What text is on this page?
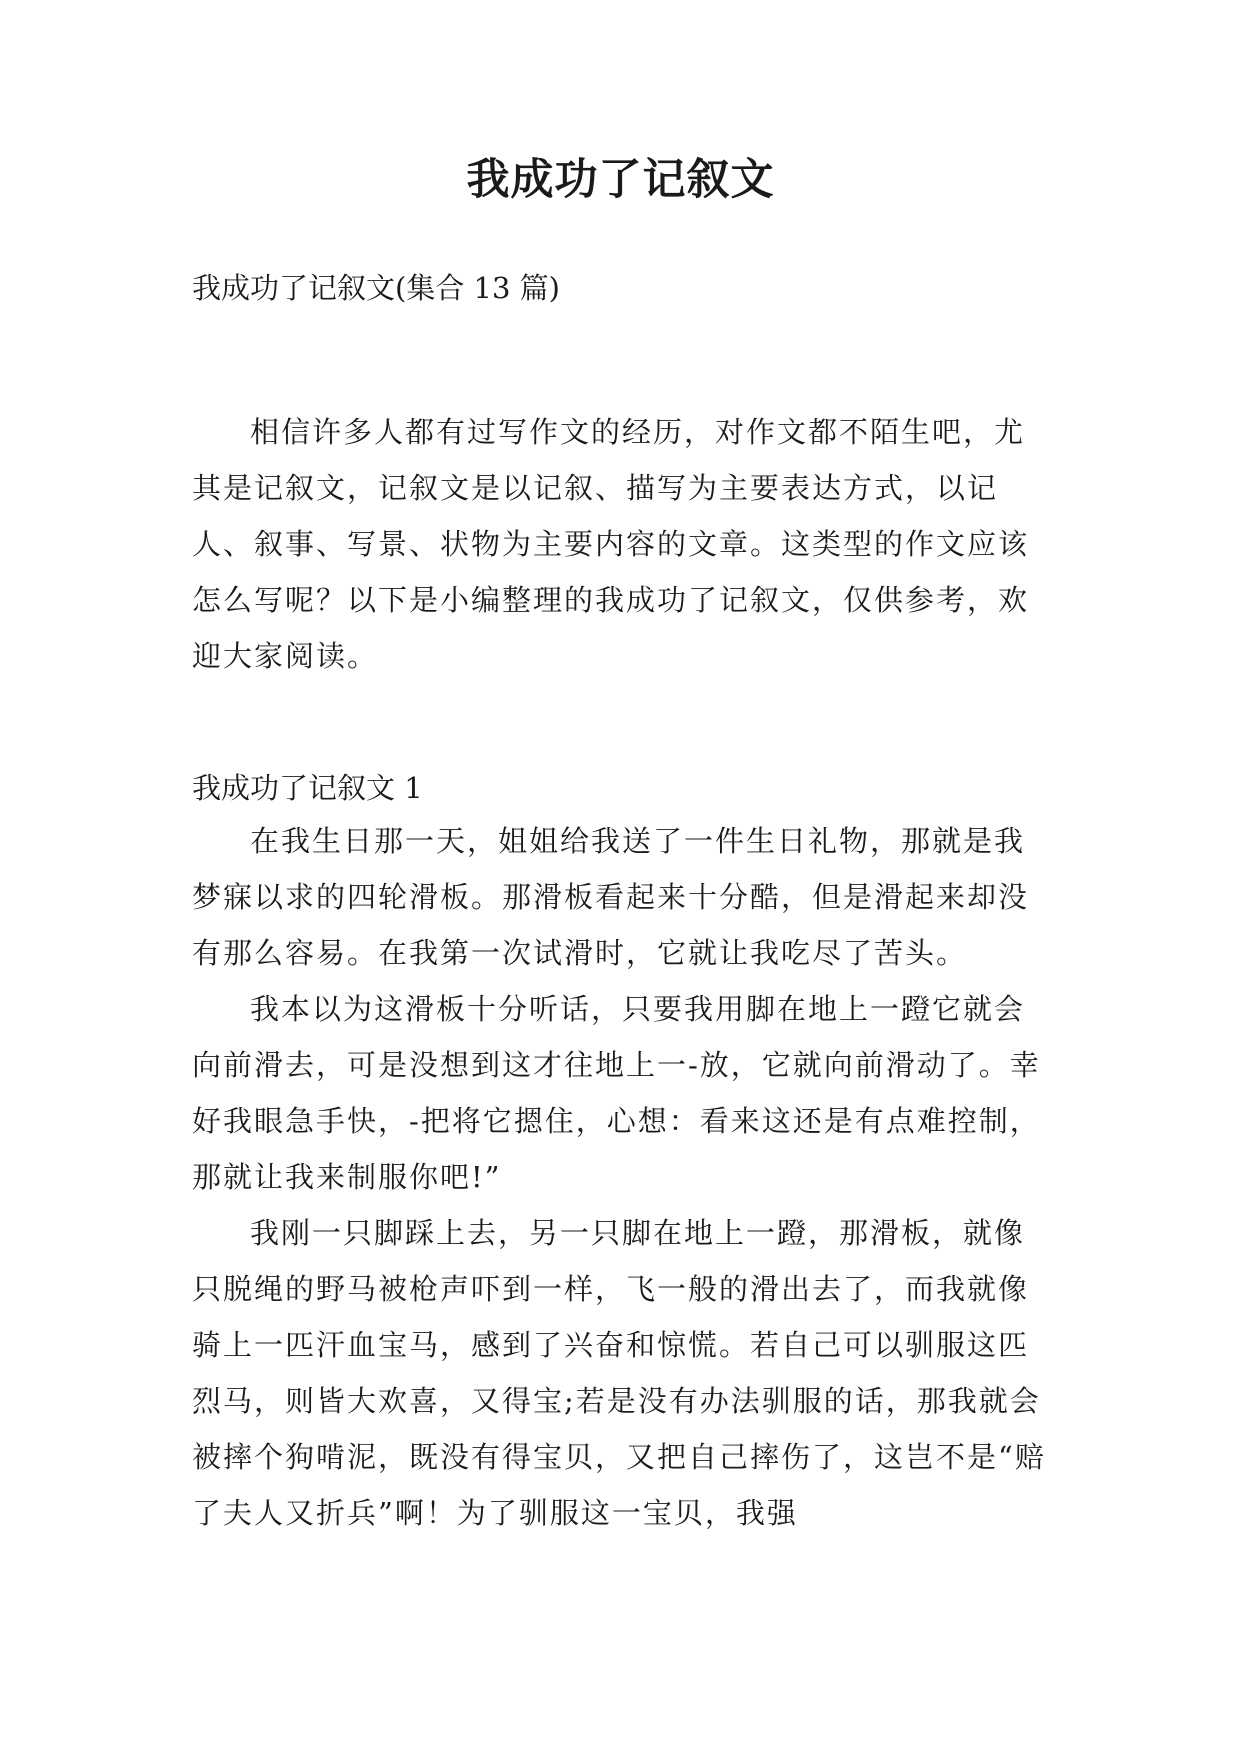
我成功了记叙文
我成功了记叙文(集合 13 篇)

相信许多人都有过写作文的经历，对作文都不陌生吧，尤其是记叙文，记叙文是以记叙、描写为主要表达方式，以记人、叙事、写景、状物为主要内容的文章。这类型的作文应该怎么写呢？以下是小编整理的我成功了记叙文，仅供参考，欢迎大家阅读。

我成功了记叙文 1

在我生日那一天，姐姐给我送了一件生日礼物，那就是我梦寐以求的四轮滑板。那滑板看起来十分酷，但是滑起来却没有那么容易。在我第一次试滑时，它就让我吃尽了苦头。

我本以为这滑板十分听话，只要我用脚在地上一蹬它就会向前滑去，可是没想到这才往地上一-放，它就向前滑动了。幸好我眼急手快，-把将它摁住，心想：看来这还是有点难控制，那就让我来制服你吧!”

我刚一只脚踩上去，另一只脚在地上一蹬，那滑板，就像只脱绳的野马被枪声吓到一样，飞一般的滑出去了，而我就像骑上一匹汗血宝马，感到了兴奋和惊慌。若自己可以驯服这匹烈马，则皆大欢喜，又得宝;若是没有办法驯服的话，那我就会被摔个狗啃泥，既没有得宝贝，又把自己摔伤了，这岂不是“赔了夫人又折兵”啊！为了驯服这一宝贝，我强
